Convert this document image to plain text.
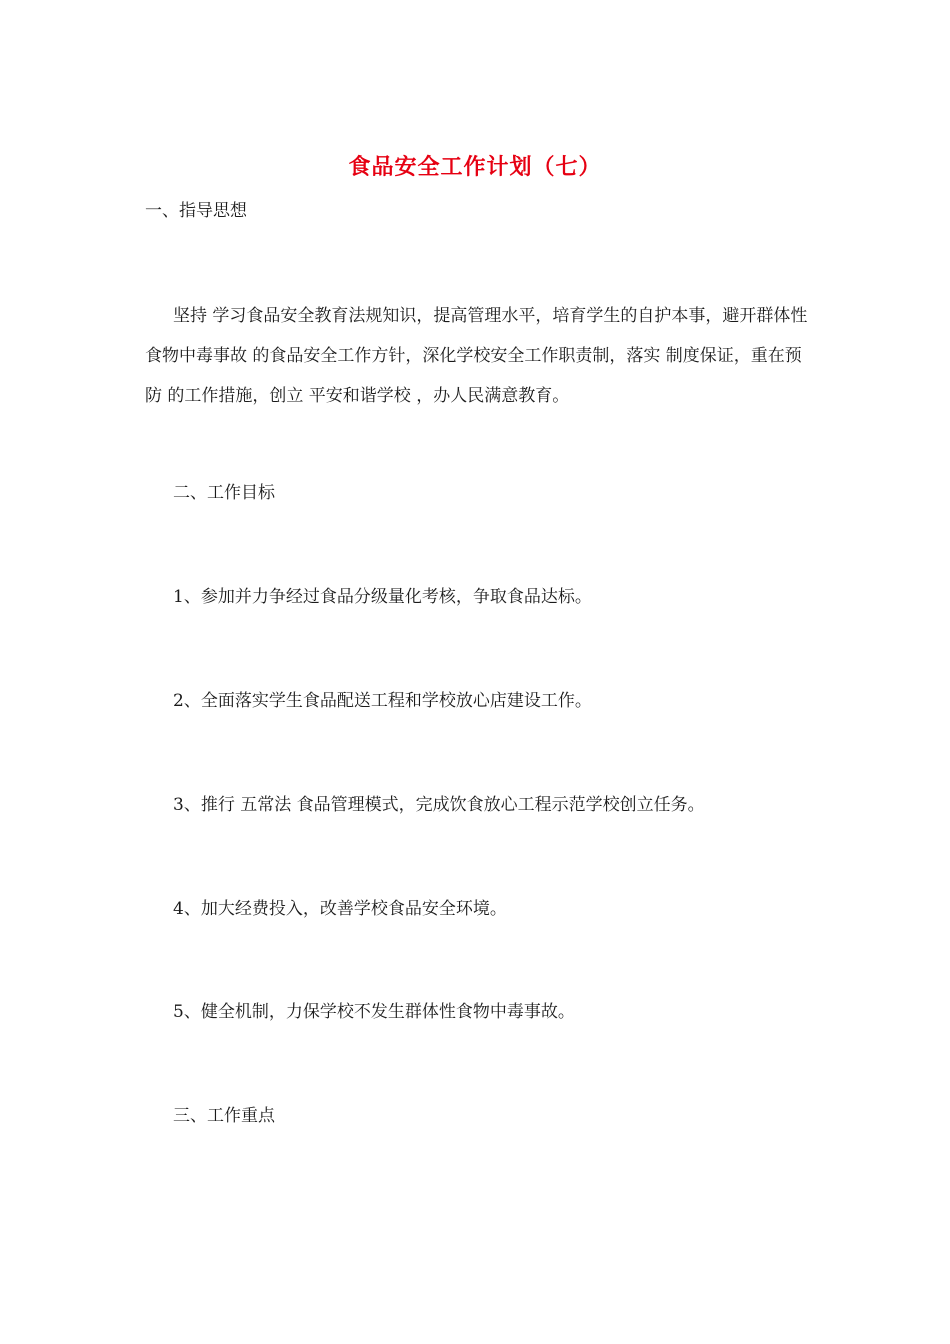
食品安全工作计划（七）

一、指导思想

坚持 学习食品安全教育法规知识，提高管理水平，培育学生的自护本事，避开群体性食物中毒事故 的食品安全工作方针，深化学校安全工作职责制，落实 制度保证，重在预防 的工作措施，创立 平安和谐学校 ，办人民满意教育。

二、工作目标

1、参加并力争经过食品分级量化考核，争取食品达标。

2、全面落实学生食品配送工程和学校放心店建设工作。

3、推行 五常法 食品管理模式，完成饮食放心工程示范学校创立任务。

4、加大经费投入，改善学校食品安全环境。

5、健全机制，力保学校不发生群体性食物中毒事故。

三、工作重点
